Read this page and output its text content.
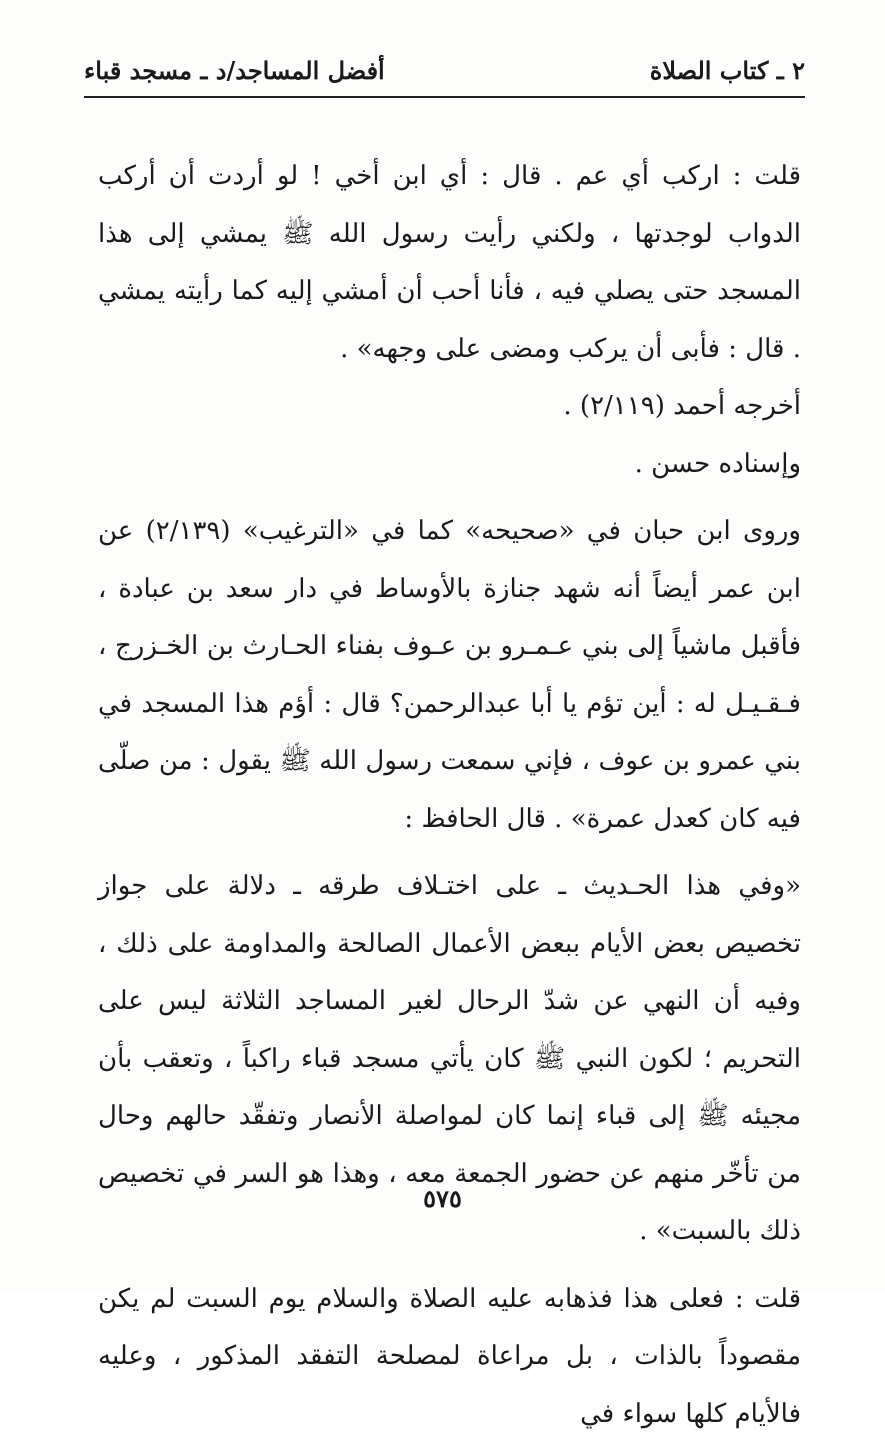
٢ ـ كتاب الصلاة
أفضل المساجد/د ـ مسجد قباء

قلت : اركب أي عم . قال : أي ابن أخي ! لو أردت أن أركب الدواب لوجدتها ، ولكني رأيت رسول الله ﷺ يمشي إلى هذا المسجد حتى يصلي فيه ، فأنا أحب أن أمشي إليه كما رأيته يمشي . قال : فأبى أن يركب ومضى على وجهه» .

أخرجه أحمد (٢/١١٩) .

وإسناده حسن .

وروى ابن حبان في «صحيحه» كما في «الترغيب» (٢/١٣٩) عن ابن عمر أيضاً أنه شهد جنازة بالأوساط في دار سعد بن عبادة ، فأقبل ماشياً إلى بني عـمـرو بن عـوف بفناء الحـارث بن الخـزرج ، فـقـيـل له : أين تؤم يا أبا عبدالرحمن؟ قال : أؤم هذا المسجد في بني عمرو بن عوف ، فإني سمعت رسول الله ﷺ يقول : من صلّى فيه كان كعدل عمرة» . قال الحافظ :

«وفي هذا الحـديث ـ على اختـلاف طرقه ـ دلالة على جواز تخصيص بعض الأيام ببعض الأعمال الصالحة والمداومة على ذلك ، وفيه أن النهي عن شدّ الرحال لغير المساجد الثلاثة ليس على التحريم ؛ لكون النبي ﷺ كان يأتي مسجد قباء راكباً ، وتعقب بأن مجيئه ﷺ إلى قباء إنما كان لمواصلة الأنصار وتفقّد حالهم وحال من تأخّر منهم عن حضور الجمعة معه ، وهذا هو السر في تخصيص ذلك بالسبت» .

قلت : فعلى هذا فذهابه عليه الصلاة والسلام يوم السبت لم يكن مقصوداً بالذات ، بل مراعاة لمصلحة التفقد المذكور ، وعليه فالأيام كلها سواء في

٥٧٥
